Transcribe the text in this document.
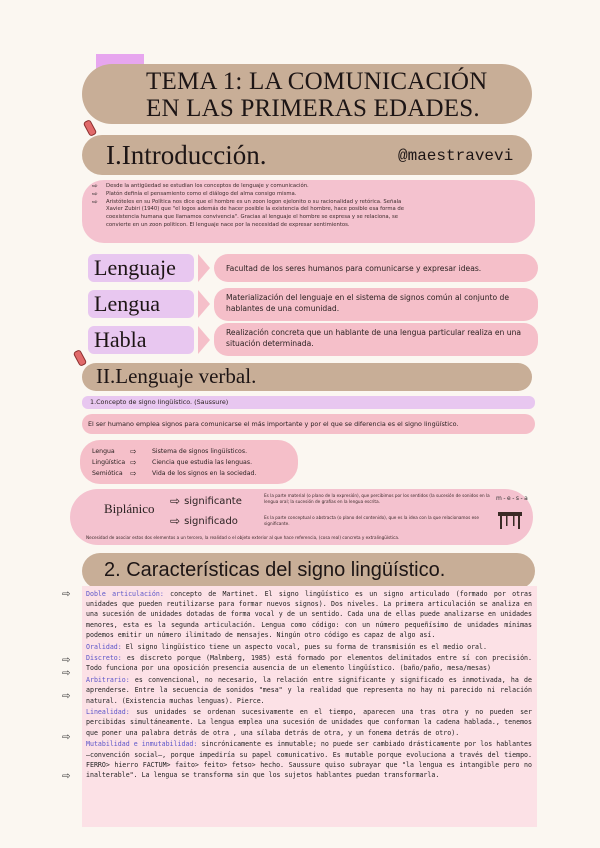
TEMA 1: LA COMUNICACIÓN
EN LAS PRIMERAS EDADES.
I.Introducción.	@maestravevi
⇨	Desde la antigüedad se estudian los conceptos de lenguaje y comunicación.
⇨	Platón definía el pensamiento como el diálogo del alma consigo misma.
⇨	Aristóteles en su Política nos dice que el hombre es un zoon logon ejelonito o su racionalidad y retórica. Señala
Xavier Zubiri (1940) que "el logos además de hacer posible la existencia del hombre, hace posible esa forma de
coexistencia humana que llamamos convivencia". Gracias al lenguaje el hombre se expresa y se relaciona, se
convierte en un zoon politicon. El lenguaje nace por la necesidad de expresar sentimientos.
Lenguaje	Facultad de los seres humanos para comunicarse y expresar ideas.
Lengua	Materialización del lenguaje en el sistema de signos común al conjunto de hablantes de una comunidad.
Habla	Realización concreta que un hablante de una lengua particular realiza en una situación determinada.
II.Lenguaje verbal.
1.Concepto de signo lingüístico. (Saussure)
El ser humano emplea signos para comunicarse el más importante y por el que se diferencia es el signo lingüístico.
Lengua	⇨	Sistema de signos lingüísticos.
Lingüística ⇨	Ciencia que estudia las lenguas.
Semiótica ⇨	Vida de los signos en la sociedad.
Biplánico ⇨ significante	Es la parte material (o plano de la expresión), que percibimos por los sentidos (la sucesión de sonidos en la lengua oral; la sucesión de grafías en la lengua escrita.
⇨ significado	Es la parte conceptual o abstracta (o plano del contenido), que es la idea con la que relacionamos ese significante.
m-e-s-a
Necesidad de asociar estos dos elementos a un tercero, la realidad o el objeto exterior al que hace referencia, (cosa real) concreta y extralingüística.
2. Características del signo lingüístico.
⇨
⇨
⇨
⇨
⇨
⇨

Doble articulación: concepto de Martinet. El signo lingüístico es un signo articulado (formado por otras unidades que pueden reutilizarse para formar nuevos signos). Dos niveles. La primera articulación se analiza en una sucesión de unidades dotadas de forma vocal y de un sentido. Cada una de ellas puede analizarse en unidades menores, esta es la segunda articulación. Lengua como código: con un número pequeñísimo de unidades mínimas podemos emitir un número ilimitado de mensajes. Ningún otro código es capaz de algo así.

Oralidad: El signo lingüístico tiene un aspecto vocal, pues su forma de transmisión es el medio oral.

Discreto: es discreto porque (Malmberg, 1985) está formado por elementos delimitados entre sí con precisión. Todo funciona por una oposición presencia ausencia de un elemento lingüístico. (baño/paño, mesa/mesas)

Arbitrario: es convencional, no necesario, la relación entre significante y significado es inmotivada, ha de aprenderse. Entre la secuencia de sonidos "mesa" y la realidad que representa no hay ni parecido ni relación natural. (Existencia muchas lenguas). Pierce.

Linealidad: sus unidades se ordenan sucesivamente en el tiempo, aparecen una tras otra y no pueden ser percibidas simultáneamente. La lengua emplea una sucesión de unidades que conforman la cadena hablada., tenemos que poner una palabra detrás de otra , una sílaba detrás de otra, y un fonema detrás de otro).

Mutabilidad e inmutabilidad: sincrónicamente es inmutable; no puede ser cambiado drásticamente por los hablantes –convención social–, porque impediría su papel comunicativo. Es mutable porque evoluciona a través del tiempo. FERRO> hierro FACTUM> faito> feito> fetso> hecho. Saussure quiso subrayar que "la lengua es intangible pero no inalterable". La lengua se transforma sin que los sujetos hablantes puedan transformarla.
